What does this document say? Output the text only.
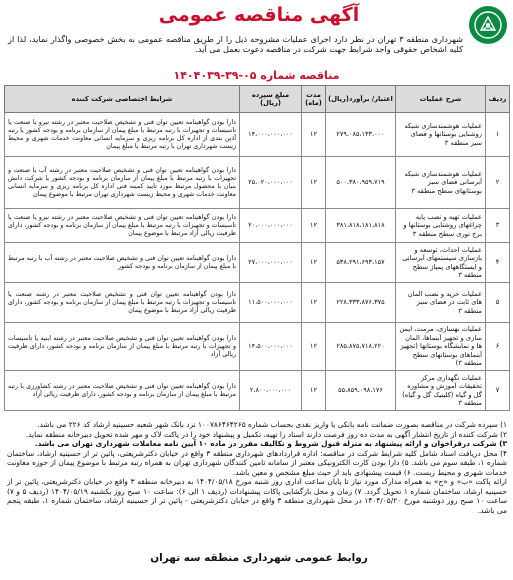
آگهی مناقصه عمومی
شهرداری منطقه ۳ تهران در نظر دارد اجرای عملیات مشروحه ذیل را از طریق مناقصه عمومی به بخش خصوصی واگذار نماید، لذا از کلیه اشخاص حقوقی واجد شرایط جهت شرکت در مناقصه دعوت بعمل می آید.
مناقصه شماره ۰۵-۳۹-۱۴۰۴۰۳۹
ردیف	شرح عملیات	اعتبار/ برآورد(ریال)	مدت (ماه)	مبلغ سپرده (ریال)	شرایط اختصاصی شرکت کننده
۱	عملیات هوشمندسازی شبکه روشنایی بوستانها و فضای سبز منطقه ۳	۲۷۹،۰۸۵،۱۳۳،۰۰۰	۱۲	۱۴،۰۰۰،۰۰۰،۰۰۰	دارا بودن گواهینامه تعیین توان فنی و تشخیص صلاحیت معتبر در رشته نیرو یا صنعت یا تاسیسات و تجهیزات با رتبه مرتبط با مبلغ پیمان از سازمان برنامه و بودجه کشور یا رتبه آذین بندی از اداره کل برنامه ریزی و سرمایه انسانی معاونت خدمات شهری و محیط زیست شهرداری تهران با رتبه مرتبط با مبلغ پیمان
۲	عملیات هوشمندسازی شبکه آبرسانی فضای سبز بوستانهای سطح منطقه ۳	۵۰۰،۳۸۰،۹۵۹،۷۱۹	۱۲	۲۵،۰۲۰،۰۰۰،۰۰۰	دارا بودن گواهینامه تعیین توان فنی و تشخیص صلاحیت معتبر در رشته آب یا صنعت و تجهیزات با رتبه مرتبط با مبلغ پیمان از سازمان برنامه و بودجه کشور یا شرکت دانش بنیان با محصول مرتبط مورد تایید کمیته فنی اداره کل برنامه ریزی و سرمایه انسانی معاونت خدمات شهری و محیط زیست شهرداری تهران مرتبط با موضوع پیمان
۳	عملیات تهیه و نصب پایه چراغهای روشنایی بوستانها و برج نوری سطح منطقه ۳	۳۸۱،۸۱۸،۱۸۱،۸۱۸	۱۲	۲۰،۰۰۰،۰۰۰،۰۰۰	دارا بودن گواهینامه تعیین توان فنی و تشخیص صلاحیت معتبر در رشته نیرو یا صنعت یا تاسیسات و تجهیزات با رتبه مرتبط با مبلغ پیمان از سازمان برنامه و بودجه کشور، دارای ظرفیت ریالی آزاد مرتبط با موضوع پیمان
۴	عملیات احداث، توسعه و بازسازی سیستمهای آبرسانی و ایستگاههای پمپاژ سطح منطقه ۳	۵۳۸،۲۹۱،۶۹۳،۱۵۷	۱۲	۲۷،۰۰۰،۰۰۰،۰۰۰	دارا بودن گواهینامه تعیین توان فنی و تشخیص صلاحیت معتبر در رشته آب با رتبه مرتبط با مبلغ پیمان از سازمان برنامه و بودجه کشور
۵	عملیات خرید و نصب المان های ثابت در فضای سبز منطقه ۳	۲۲۸،۳۳۳،۸۷۶،۳۷۵	۱۲	۱۱،۵۰۰،۰۰۰،۰۰۰	دارا بودن گواهینامه تعیین توان فنی و تشخیص صلاحیت معتبر در رشته صنعت یا تاسیسات و تجهیزات با رتبه مرتبط با مبلغ پیمان از سازمان برنامه و بودجه کشور، دارای ظرفیت ریالی آزاد مرتبط با موضوع پیمان
۶	عملیات بهسازی، مرمت، ایمن سازی و تجهیز آبنماها، المان ها و نمایشگاه بوستانها (تجهیز آبنماهای بوستانهای سطح منطقه ۳)	۲۸۵،۸۷۵،۷۱۸،۲۲۰	۱۲	۱۴،۵۰۰،۰۰۰،۰۰۰	دارا بودن گواهینامه تعیین توان فنی و تشخیص صلاحیت معتبر در رشته ابنیه یا تاسیسات و تجهیزات با رتبه مرتبط با مبلغ پیمان از سازمان برنامه و بودجه کشور، دارای ظرفیت ریالی آزاد
۷	عملیات نگهداری مرکز تحقیقات آموزش و مشاوره گل و گیاه (کلینیک گل و گیاه) منطقه ۳	۵۵،۸۵۹،۰۹۸،۱۷۶	۱۲	۲،۸۰۰،۰۰۰،۰۰۰	دارا بودن گواهینامه تعیین توان فنی و تشخیص صلاحیت معتبر در رشته کشاورزی با رتبه مرتبط با مبلغ پیمان از سازمان برنامه و بودجه کشور، دارای ظرفیت ریالی آزاد
۱) سپرده شرکت در مناقصه بصورت ضمانت نامه بانکی یا واریز نقدی بحساب شماره ۱۰۰۷۸۶۴۶۴۲۶۵ نزد بانک شهر شعبه حسینیه ارشاد کد ۲۲۶ می باشد.
۲) شرکت کننده از تاریخ انتشار آگهی به مدت ده روز فرصت دارند اسناد را تهیه، تکمیل و پیشنهاد خود را در پاکت لاک و مهر شده تحویل دبیرخانه منطقه نماید.
۳) شرکت درقراخوان و ارائه پیشنهاد به منزله قبول شروط و تکالیف مقرر در ماده ۱۰ آیین نامه معاملات شهرداری تهران می باشد.
۴) محل دریافت اسناد شامل کلیه شرایط شرکت در مناقصه: اداره قراردادهای شهرداری منطقه ۳ واقع در خیابان دکترشریعتی، پائین تر از حسینیه ارشاد، ساختمان شماره ۱، طبقه سوم می باشد. ۵) دارا بودن کارت الکترونیکی معتبر از سامانه تامین کنندگان شهرداری تهران به همراه رتبه مرتبط با موضوع پیمان از حوزه معاونت خدمات شهری و محیط زیست. ۶) قیمت پیشنهادی باید از حیث مبلغ مشخص و معین باشد.
ارائه پاکت «ب» و «ج» به همراه مدارک مورد نیاز تا پایان ساعت اداری روز شنبه مورخ ۱۴۰۴/۰۵/۱۸ به دبیرخانه منطقه ۳ واقع در خیابان دکترشریعتی، پائین تر از حسینیه ارشاد، ساختمان شماره ۱ تحویل گردد. ۷) زمان و محل بازگشایی پاکات پیشنهادات (ردیف ۱ الی ۶): ساعت ۱۰ صبح روز یکشنبه ۱۴۰۴/۰۵/۱۹ (ردیف ۵ و ۷) ساعت ۱۰ صبح روز دوشنبه مورخ ۱۴۰۴/۰۵/۲۰ در محل شهرداری منطقه ۳ واقع در خیابان دکترشریعتی - پائین تر از حسینیه ارشاد، ساختمان شماره ۱، طبقه پنجم می باشد.
روابط عمومی شهرداری منطقه سه تهران
